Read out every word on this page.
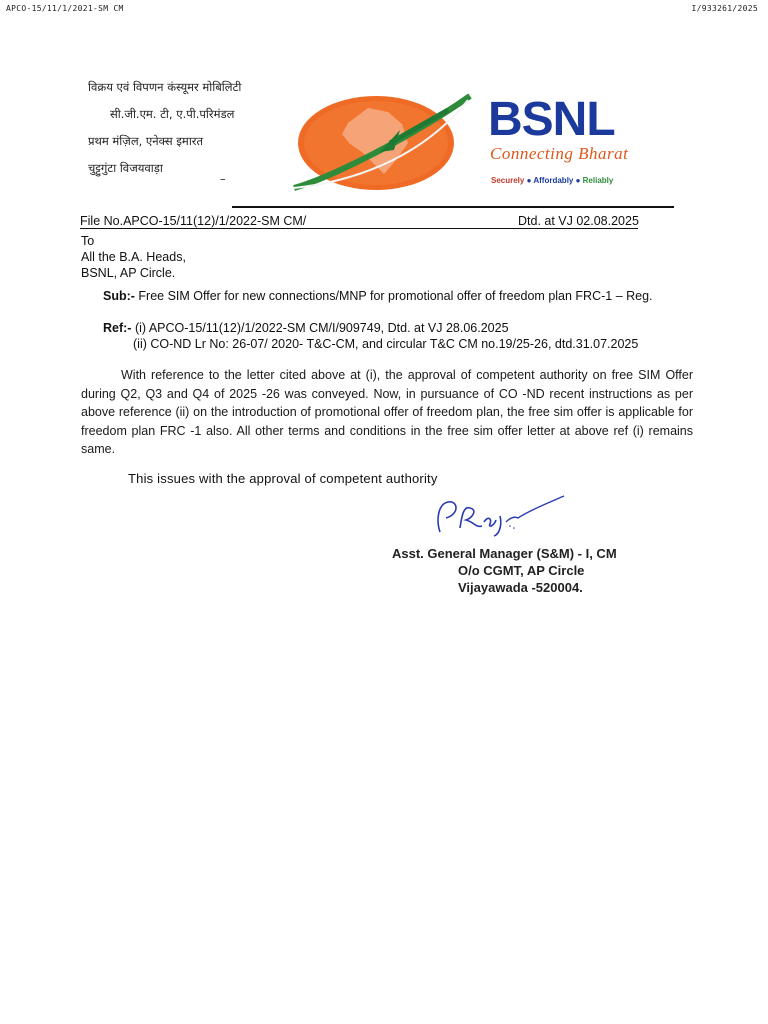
APCO-15/11/1/2021-SM CM	I/933261/2025
विक्रय एवं विपणन कंस्यूमर मोबिलिटी
सी.जी.एम. टी, ए.पी.परिमंडल
प्रथम मंज़िल, एनेक्स इमारत
चुट्टुगुंटा विजयवाड़ा
–
BSNL
Connecting Bharat
Securely ● Affordably ● Reliably
File No.APCO-15/11(12)/1/2022-SM CM/	Dtd. at VJ 02.08.2025
To
All the B.A. Heads,
BSNL, AP Circle.
Sub:- Free SIM Offer for new connections/MNP for promotional offer of freedom plan FRC-1 – Reg.
Ref:- (i) APCO-15/11(12)/1/2022-SM CM/I/909749, Dtd. at VJ 28.06.2025
(ii) CO-ND Lr No: 26-07/ 2020- T&C-CM, and circular T&C CM no.19/25-26, dtd.31.07.2025
With reference to the letter cited above at (i), the approval of competent authority on free SIM Offer during Q2, Q3 and Q4 of 2025 -26 was conveyed. Now, in pursuance of CO -ND recent instructions as per above reference (ii) on the introduction of promotional offer of freedom plan, the free sim offer is applicable for freedom plan FRC -1 also. All other terms and conditions in the free sim offer letter at above ref (i) remains same.
This issues with the approval of competent authority
Asst. General Manager (S&M) - I, CM
O/o CGMT, AP Circle
Vijayawada -520004.
